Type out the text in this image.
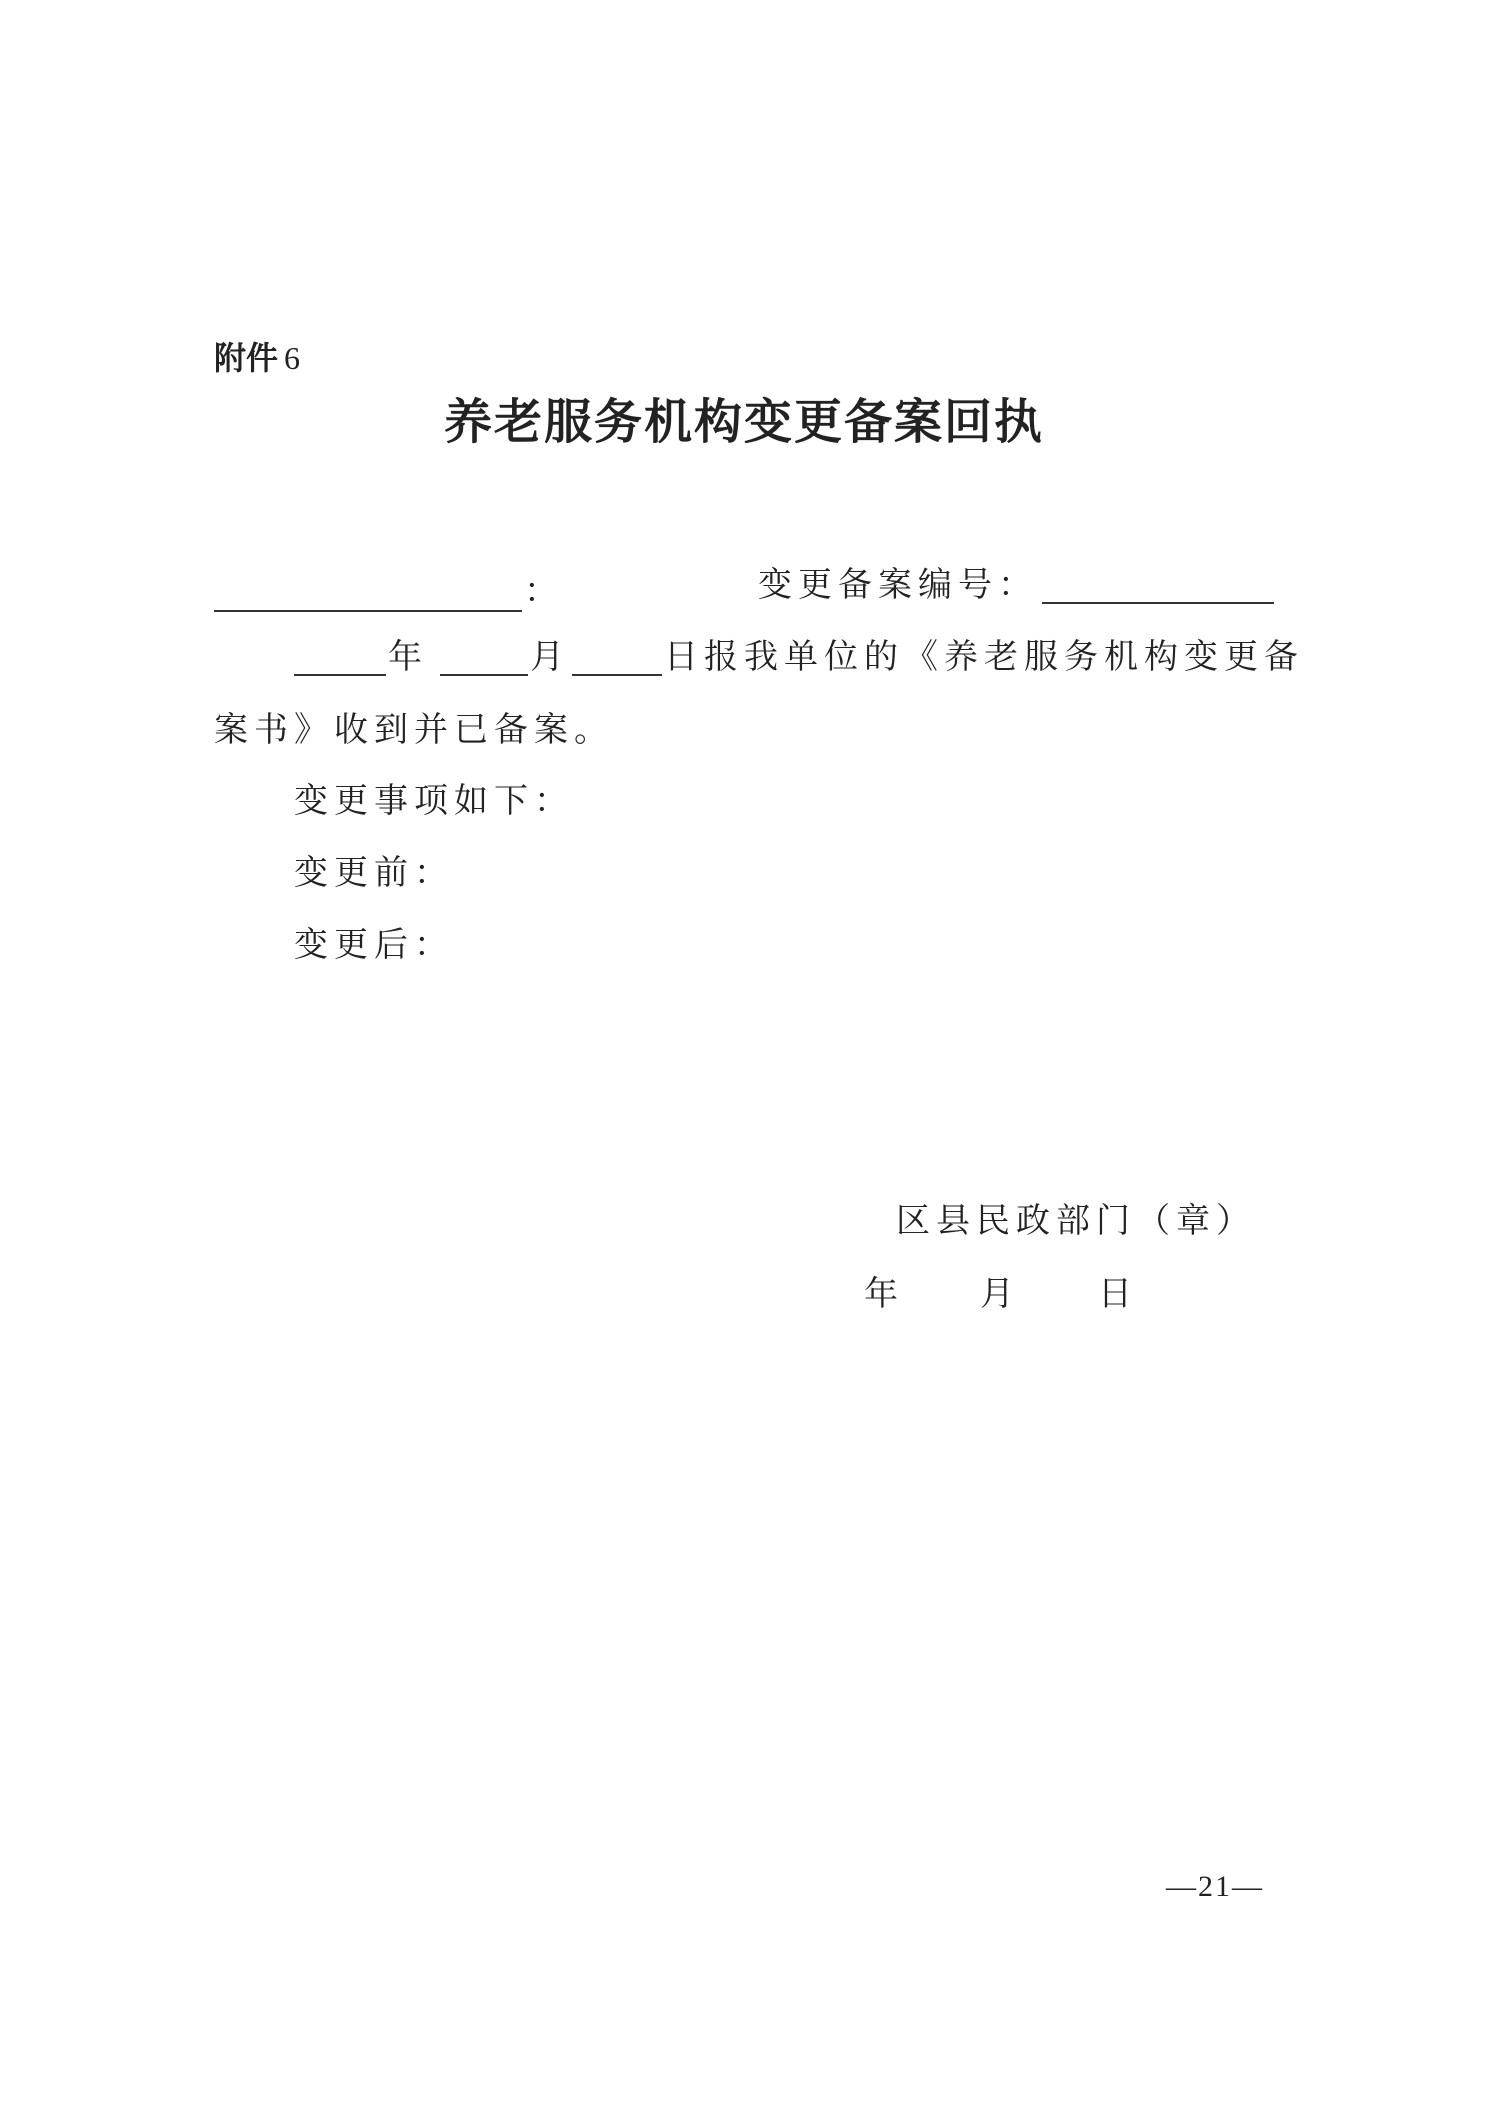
附件 6
养老服务机构变更备案回执
：	变更备案编号：
年	月	日报我单位的《养老服务机构变更备
案书》收到并已备案。
变更事项如下：
变更前：
变更后：
区县民政部门（章）
年 月 日
—21—
